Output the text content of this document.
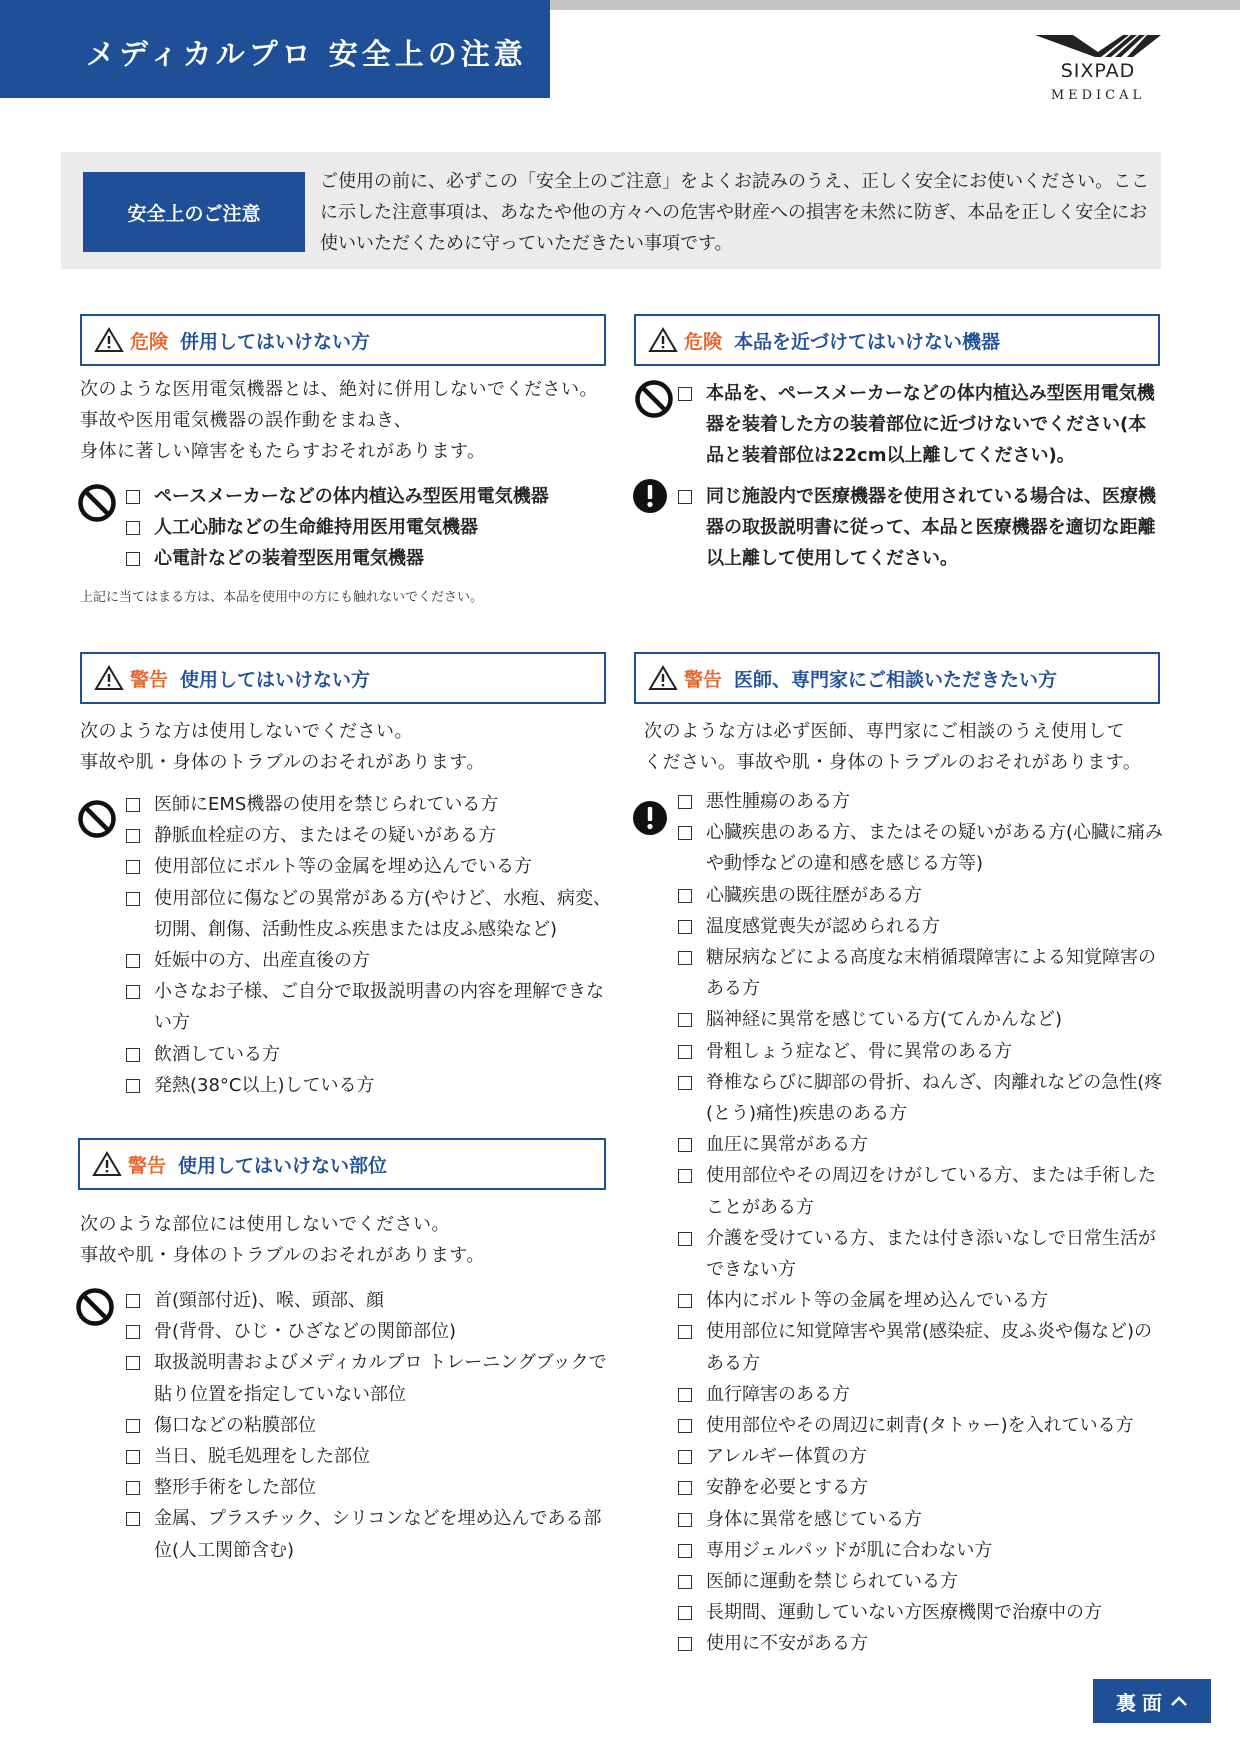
メディカルプロ 安全上の注意	SIXPAD
MEDICAL
安全上のご注意
ご使用の前に、必ずこの「安全上のご注意」をよくお読みのうえ、正しく安全にお使いください。ここに示した注意事項は、あなたや他の方々への危害や財産への損害を未然に防ぎ、本品を正しく安全にお使いいただくために守っていただきたい事項です。
危険 併用してはいけない方
次のような医用電気機器とは、絶対に併用しないでください。
事故や医用電気機器の誤作動をまねき、
身体に著しい障害をもたらすおそれがあります。
ペースメーカーなどの体内植込み型医用電気機器
人工心肺などの生命維持用医用電気機器
心電計などの装着型医用電気機器
上記に当てはまる方は、本品を使用中の方にも触れないでください。
危険 本品を近づけてはいけない機器
本品を、ペースメーカーなどの体内植込み型医用電気機器を装着した方の装着部位に近づけないでください(本品と装着部位は22cm以上離してください)。
同じ施設内で医療機器を使用されている場合は、医療機器の取扱説明書に従って、本品と医療機器を適切な距離以上離して使用してください。
警告 使用してはいけない方
次のような方は使用しないでください。
事故や肌・身体のトラブルのおそれがあります。
医師にEMS機器の使用を禁じられている方
静脈血栓症の方、またはその疑いがある方
使用部位にボルト等の金属を埋め込んでいる方
使用部位に傷などの異常がある方(やけど、水疱、病変、切開、創傷、活動性皮ふ疾患または皮ふ感染など)
妊娠中の方、出産直後の方
小さなお子様、ご自分で取扱説明書の内容を理解できない方
飲酒している方
発熱(38°C以上)している方
警告 使用してはいけない部位
次のような部位には使用しないでください。
事故や肌・身体のトラブルのおそれがあります。
首(頸部付近)、喉、頭部、顔
骨(背骨、ひじ・ひざなどの関節部位)
取扱説明書およびメディカルプロ トレーニングブックで貼り位置を指定していない部位
傷口などの粘膜部位
当日、脱毛処理をした部位
整形手術をした部位
金属、プラスチック、シリコンなどを埋め込んである部位(人工関節含む)
警告 医師、専門家にご相談いただきたい方
次のような方は必ず医師、専門家にご相談のうえ使用して
ください。事故や肌・身体のトラブルのおそれがあります。
悪性腫瘍のある方
心臓疾患のある方、またはその疑いがある方(心臓に痛みや動悸などの違和感を感じる方等)
心臓疾患の既往歴がある方
温度感覚喪失が認められる方
糖尿病などによる高度な末梢循環障害による知覚障害のある方
脳神経に異常を感じている方(てんかんなど)
骨粗しょう症など、骨に異常のある方
脊椎ならびに脚部の骨折、ねんざ、肉離れなどの急性(疼(とう)痛性)疾患のある方
血圧に異常がある方
使用部位やその周辺をけがしている方、または手術したことがある方
介護を受けている方、または付き添いなしで日常生活ができない方
体内にボルト等の金属を埋め込んでいる方
使用部位に知覚障害や異常(感染症、皮ふ炎や傷など)のある方
血行障害のある方
使用部位やその周辺に刺青(タトゥー)を入れている方
アレルギー体質の方
安静を必要とする方
身体に異常を感じている方
専用ジェルパッドが肌に合わない方
医師に運動を禁じられている方
長期間、運動していない方医療機関で治療中の方
使用に不安がある方
裏面
